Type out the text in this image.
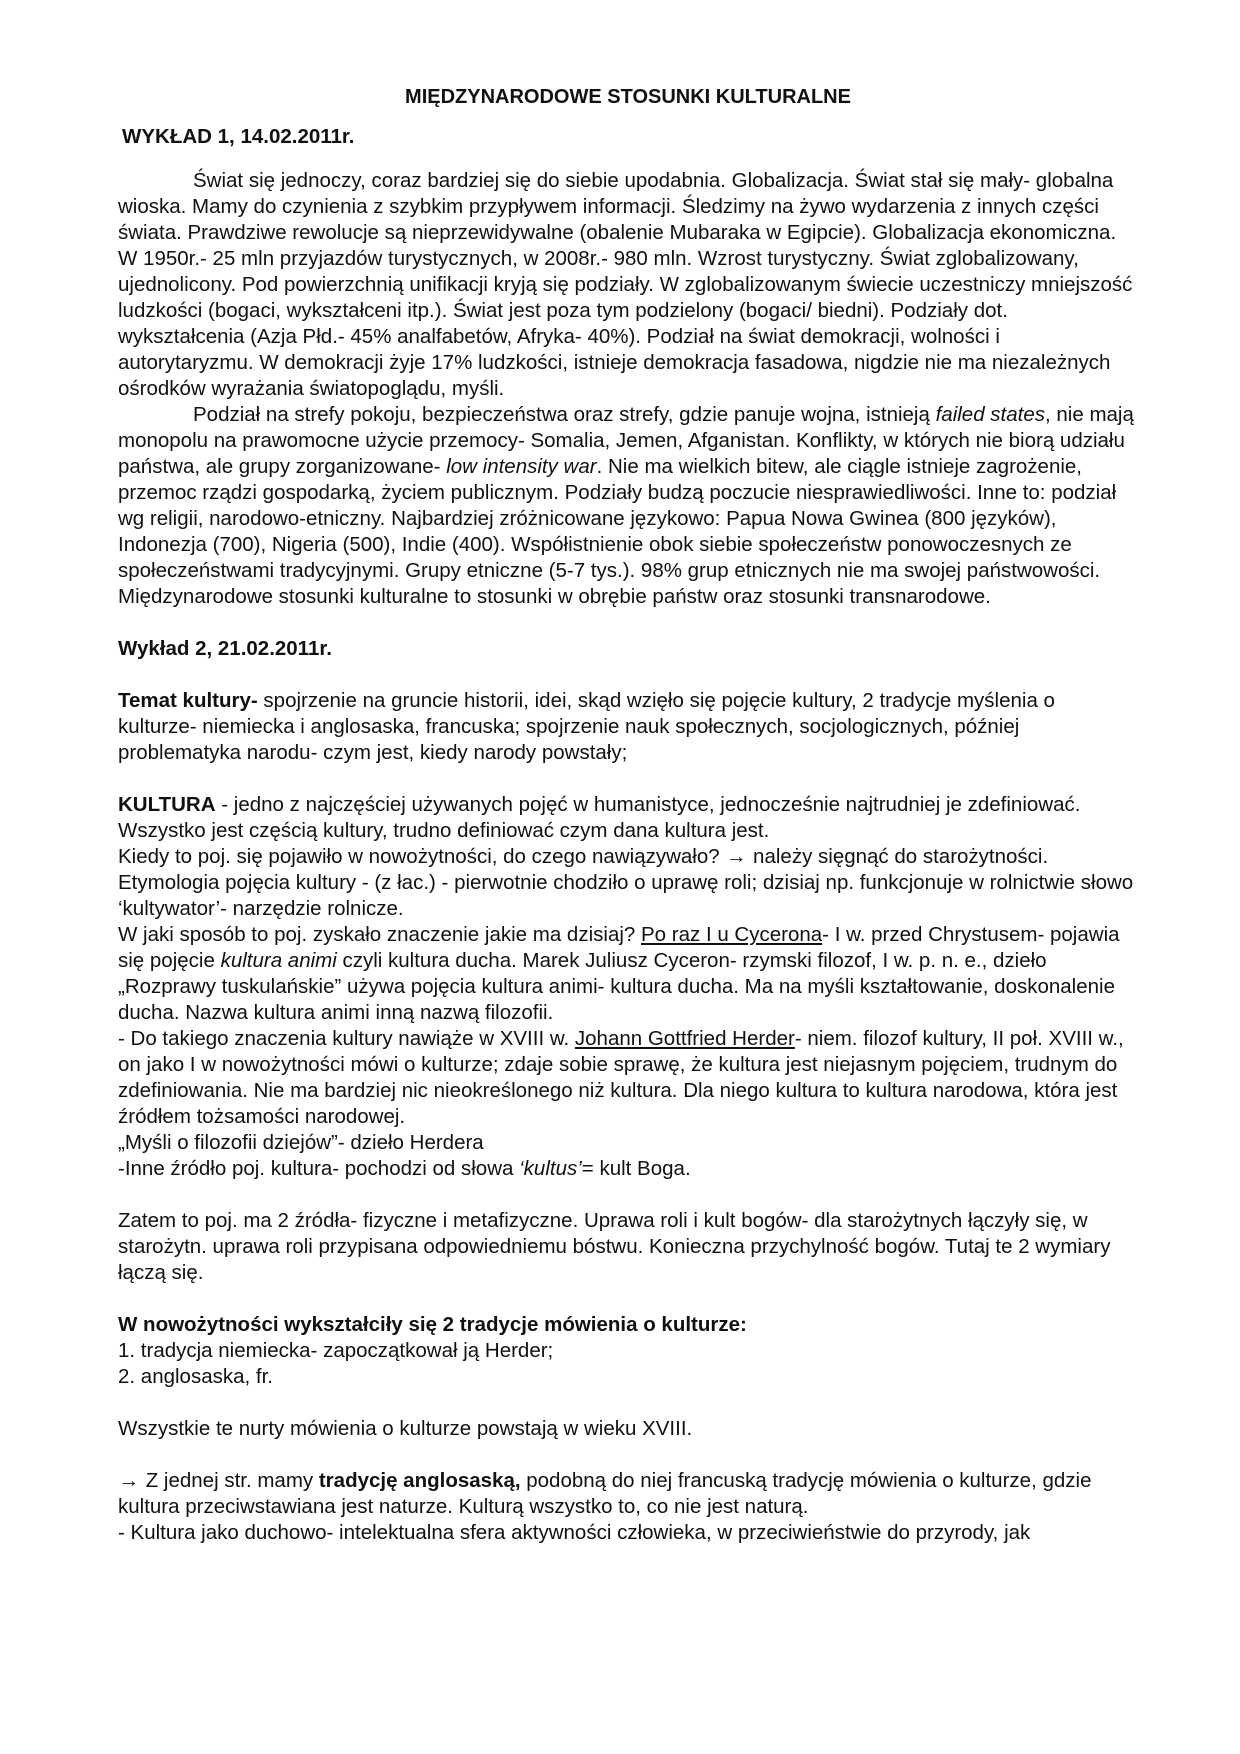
MIĘDZYNARODOWE STOSUNKI KULTURALNE

WYKŁAD 1, 14.02.2011r.

Świat się jednoczy, coraz bardziej się do siebie upodabnia. Globalizacja. Świat stał się mały- globalna wioska. Mamy do czynienia z szybkim przypływem informacji. Śledzimy na żywo wydarzenia z innych części świata. Prawdziwe rewolucje są nieprzewidywalne (obalenie Mubaraka w Egipcie). Globalizacja ekonomiczna. W 1950r.- 25 mln przyjazdów turystycznych, w 2008r.- 980 mln. Wzrost turystyczny. Świat zglobalizowany, ujednolicony. Pod powierzchnią unifikacji kryją się podziały. W zglobalizowanym świecie uczestniczy mniejszość ludzkości (bogaci, wykształceni itp.). Świat jest poza tym podzielony (bogaci/ biedni). Podziały dot. wykształcenia (Azja Płd.- 45% analfabetów, Afryka- 40%). Podział na świat demokracji, wolności i autorytaryzmu. W demokracji żyje 17% ludzkości, istnieje demokracja fasadowa, nigdzie nie ma niezależnych ośrodków wyrażania światopoglądu, myśli.

Podział na strefy pokoju, bezpieczeństwa oraz strefy, gdzie panuje wojna, istnieją failed states, nie mają monopolu na prawomocne użycie przemocy- Somalia, Jemen, Afganistan. Konflikty, w których nie biorą udziału państwa, ale grupy zorganizowane- low intensity war. Nie ma wielkich bitew, ale ciągle istnieje zagrożenie, przemoc rządzi gospodarką, życiem publicznym. Podziały budzą poczucie niesprawiedliwości. Inne to: podział wg religii, narodowo-etniczny. Najbardziej zróżnicowane językowo: Papua Nowa Gwinea (800 języków), Indonezja (700), Nigeria (500), Indie (400). Współistnienie obok siebie społeczeństw ponowoczesnych ze społeczeństwami tradycyjnymi. Grupy etniczne (5-7 tys.). 98% grup etnicznych nie ma swojej państwowości. Międzynarodowe stosunki kulturalne to stosunki w obrębie państw oraz stosunki transnarodowe.

Wykład 2, 21.02.2011r.

Temat kultury- spojrzenie na gruncie historii, idei, skąd wzięło się pojęcie kultury, 2 tradycje myślenia o kulturze- niemiecka i anglosaska, francuska; spojrzenie nauk społecznych, socjologicznych, później problematyka narodu- czym jest, kiedy narody powstały;

KULTURA - jedno z najczęściej używanych pojęć w humanistyce, jednocześnie najtrudniej je zdefiniować. Wszystko jest częścią kultury, trudno definiować czym dana kultura jest.

Kiedy to poj. się pojawiło w nowożytności, do czego nawiązywało? → należy sięgnąć do starożytności. Etymologia pojęcia kultury - (z łac.) - pierwotnie chodziło o uprawę roli; dzisiaj np. funkcjonuje w rolnictwie słowo ‘kultywator’- narzędzie rolnicze.

W jaki sposób to poj. zyskało znaczenie jakie ma dzisiaj? Po raz I u Cycerona- I w. przed Chrystusem- pojawia się pojęcie kultura animi czyli kultura ducha. Marek Juliusz Cyceron- rzymski filozof, I w. p. n. e., dzieło „Rozprawy tuskulańskie” używa pojęcia kultura animi- kultura ducha. Ma na myśli kształtowanie, doskonalenie ducha. Nazwa kultura animi inną nazwą filozofii.

- Do takiego znaczenia kultury nawiąże w XVIII w. Johann Gottfried Herder- niem. filozof kultury, II poł. XVIII w., on jako I w nowożytności mówi o kulturze; zdaje sobie sprawę, że kultura jest niejasnym pojęciem, trudnym do zdefiniowania. Nie ma bardziej nic nieokreślonego niż kultura. Dla niego kultura to kultura narodowa, która jest źródłem tożsamości narodowej.

„Myśli o filozofii dziejów”- dzieło Herdera

-Inne źródło poj. kultura- pochodzi od słowa ‘kultus’= kult Boga.

Zatem to poj. ma 2 źródła- fizyczne i metafizyczne. Uprawa roli i kult bogów- dla starożytnych łączyły się, w starożytn. uprawa roli przypisana odpowiedniemu bóstwu. Konieczna przychylność bogów. Tutaj te 2 wymiary łączą się.

W nowożytności wykształciły się 2 tradycje mówienia o kulturze:

1. tradycja niemiecka- zapoczątkował ją Herder;

2. anglosaska, fr.

Wszystkie te nurty mówienia o kulturze powstają w wieku XVIII.

→ Z jednej str. mamy tradycję anglosaską, podobną do niej francuską tradycję mówienia o kulturze, gdzie kultura przeciwstawiana jest naturze. Kulturą wszystko to, co nie jest naturą.

- Kultura jako duchowo- intelektualna sfera aktywności człowieka, w przeciwieństwie do przyrody, jak
